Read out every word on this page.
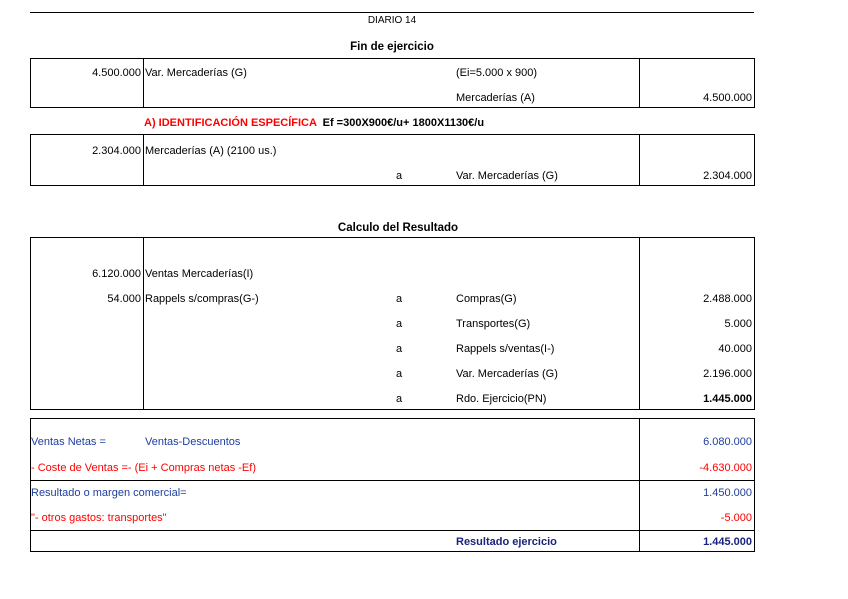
DIARIO 14
Fin de ejercicio
4.500.000 Var. Mercaderías (G)	(Ei=5.000 x 900)
Mercaderías (A)	4.500.000
A) IDENTIFICACIÓN ESPECÍFICA Ef =300X900€/u+ 1800X1130€/u
2.304.000 Mercaderías (A) (2100 us.)
a	Var. Mercaderías (G)	2.304.000
Calculo del Resultado
6.120.000 Ventas Mercaderías(I)
54.000 Rappels s/compras(G-)	a	Compras(G)	2.488.000
a	Transportes(G)	5.000
a	Rappels s/ventas(I-)	40.000
a	Var. Mercaderías (G)	2.196.000
a	Rdo. Ejercicio(PN)	1.445.000
Ventas Netas =	Ventas-Descuentos	6.080.000
- Coste de Ventas =- (Ei + Compras netas -Ef)	-4.630.000
Resultado o margen comercial=	1.450.000
"- otros gastos: transportes"	-5.000
Resultado ejercicio	1.445.000
